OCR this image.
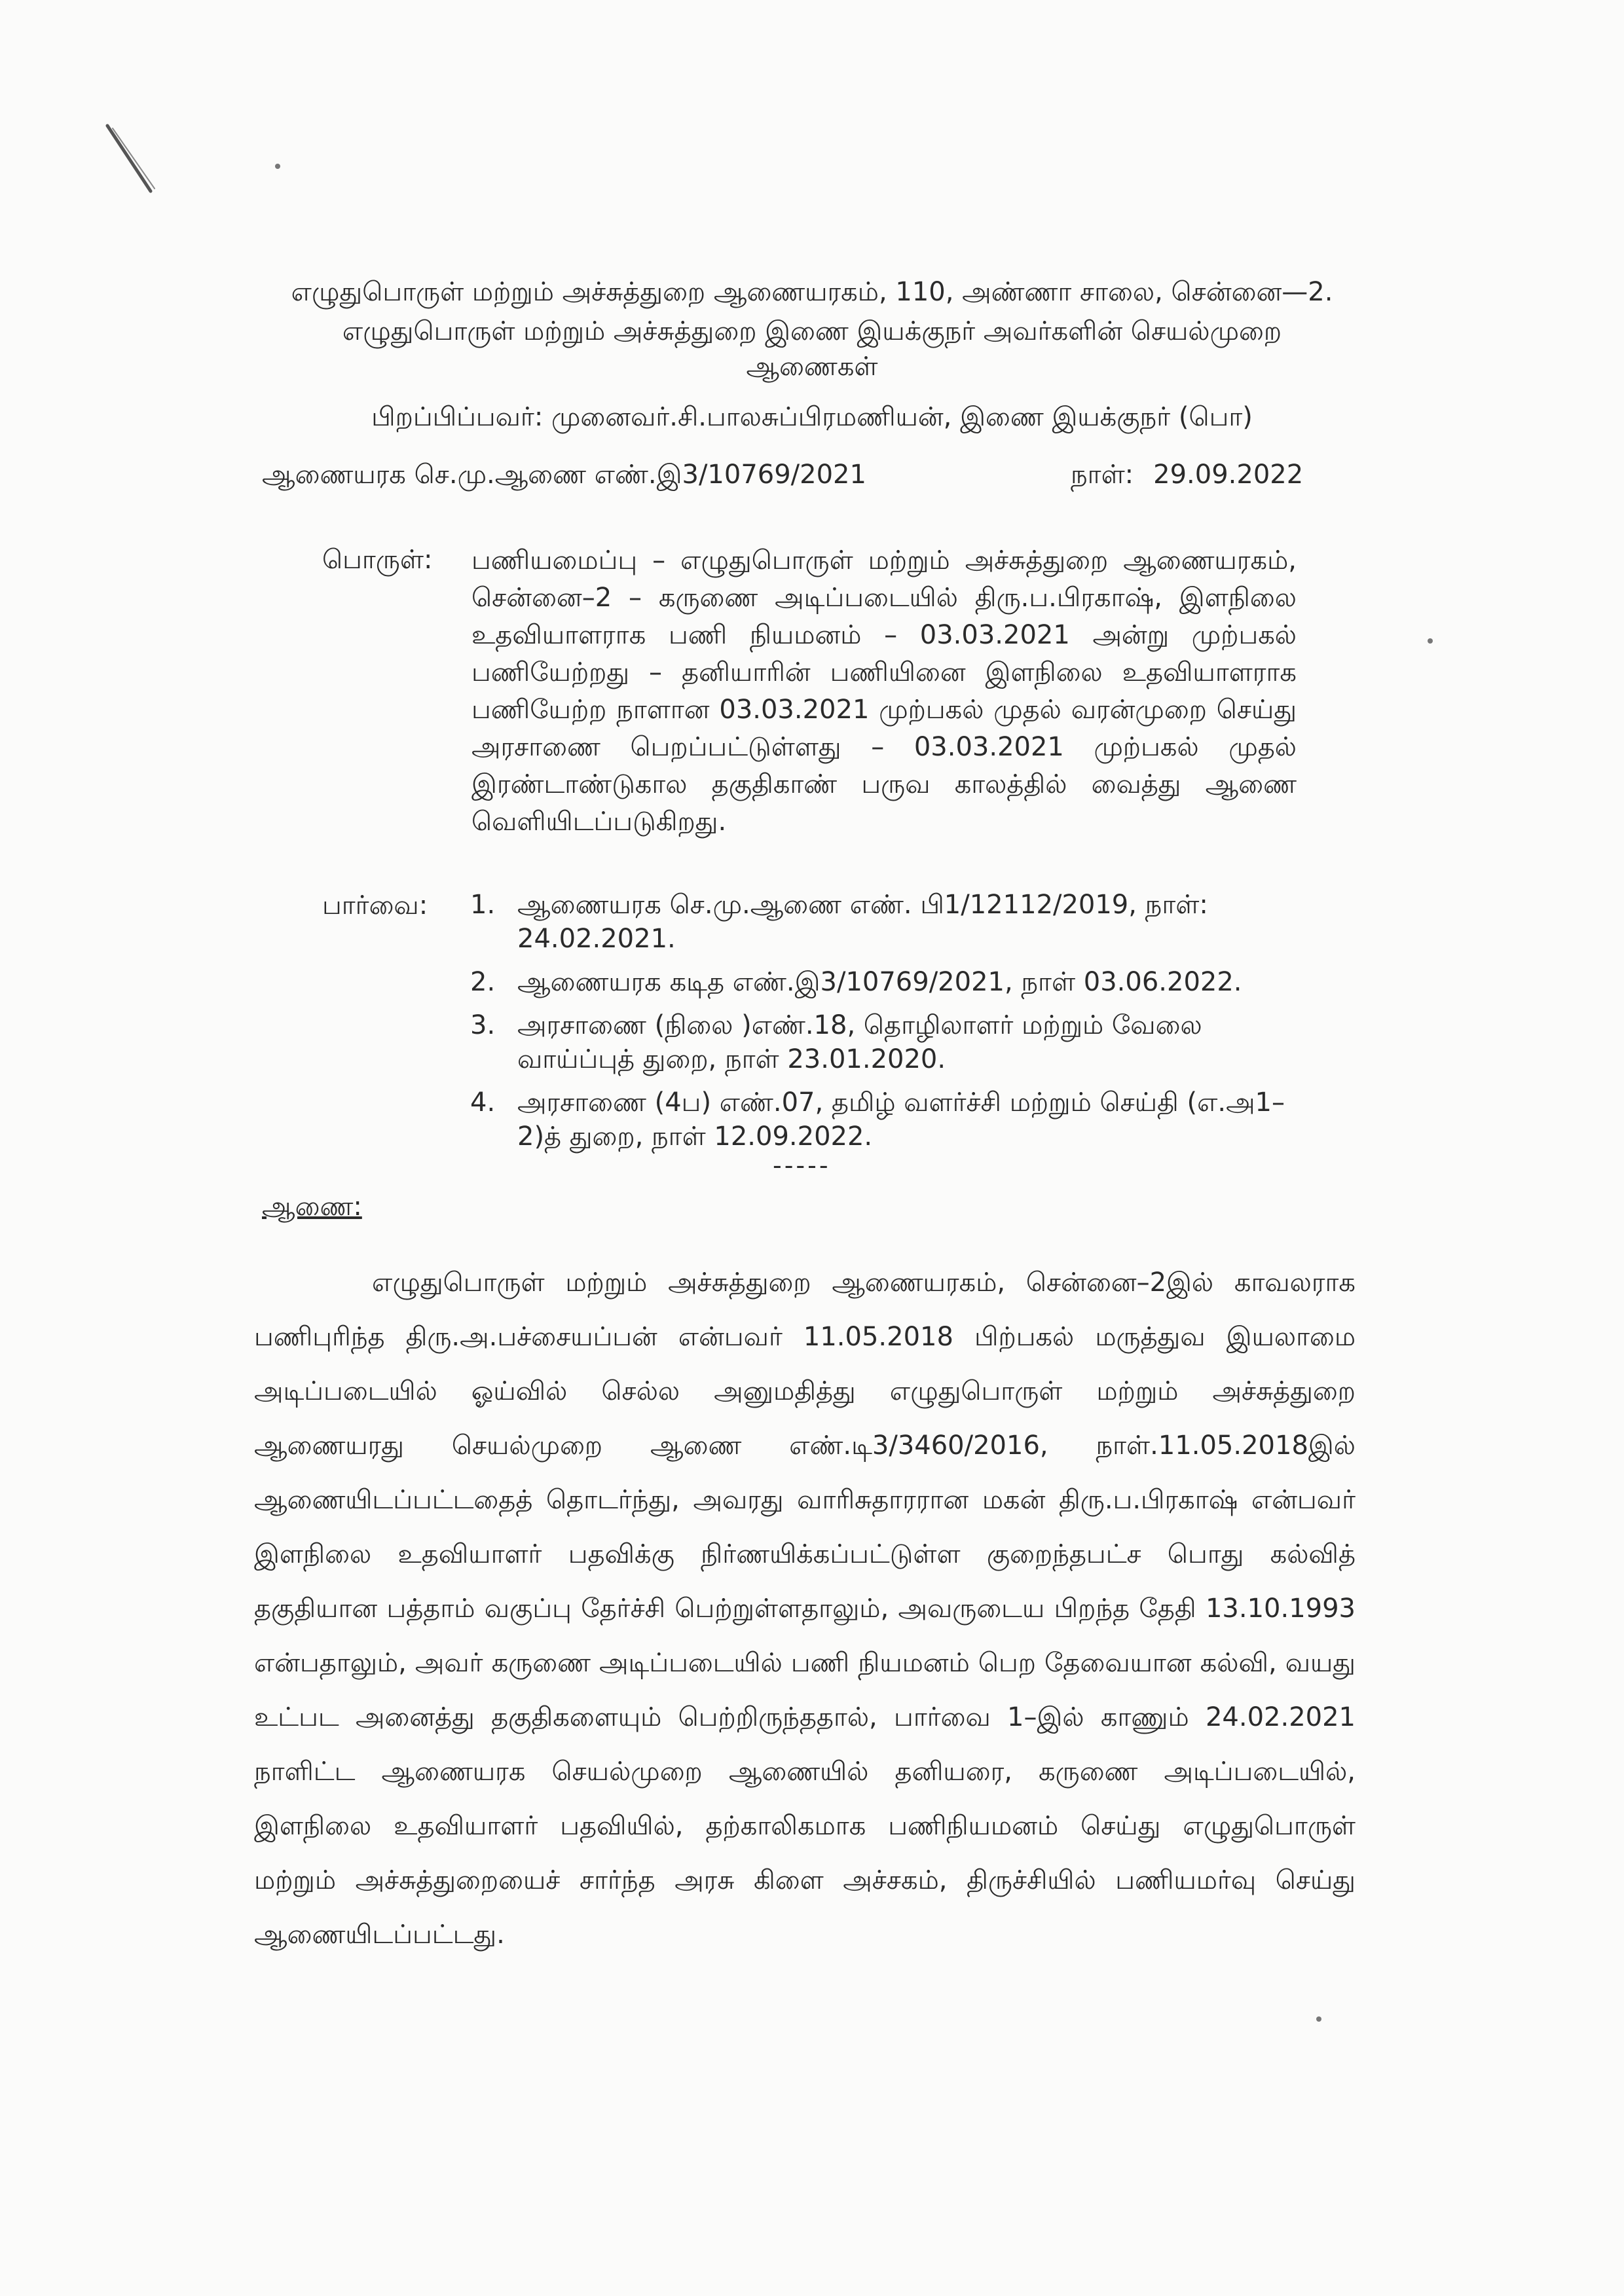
எழுதுபொருள் மற்றும் அச்சுத்துறை ஆணையரகம், 110, அண்ணா சாலை, சென்னை—2.
எழுதுபொருள் மற்றும் அச்சுத்துறை இணை இயக்குநர் அவர்களின் செயல்முறை
ஆணைகள்
பிறப்பிப்பவர்: முனைவர்.சி.பாலசுப்பிரமணியன், இணை இயக்குநர் (பொ)
ஆணையரக செ.மு.ஆணை எண்.இ3/10769/2021	நாள்: 29.09.2022
பொருள்: பணியமைப்பு – எழுதுபொருள் மற்றும் அச்சுத்துறை ஆணையரகம், சென்னை–2 – கருணை அடிப்படையில் திரு.ப.பிரகாஷ், இளநிலை உதவியாளராக பணி நியமனம் – 03.03.2021 அன்று முற்பகல் பணியேற்றது – தனியாரின் பணியினை இளநிலை உதவியாளராக பணியேற்ற நாளான 03.03.2021 முற்பகல் முதல் வரன்முறை செய்து அரசாணை பெறப்பட்டுள்ளது – 03.03.2021 முற்பகல் முதல் இரண்டாண்டுகால தகுதிகாண் பருவ காலத்தில் வைத்து ஆணை வெளியிடப்படுகிறது.
பார்வை: 1. ஆணையரக செ.மு.ஆணை எண். பி1/12112/2019, நாள்: 24.02.2021.
2. ஆணையரக கடித எண்.இ3/10769/2021, நாள் 03.06.2022.
3. அரசாணை (நிலை )எண்.18, தொழிலாளர் மற்றும் வேலை வாய்ப்புத் துறை, நாள் 23.01.2020.
4. அரசாணை (4ப) எண்.07, தமிழ் வளர்ச்சி மற்றும் செய்தி (எ.அ1–2)த் துறை, நாள் 12.09.2022.
-----
ஆணை:

எழுதுபொருள் மற்றும் அச்சுத்துறை ஆணையரகம், சென்னை–2இல் காவலராக பணிபுரிந்த திரு.அ.பச்சையப்பன் என்பவர் 11.05.2018 பிற்பகல் மருத்துவ இயலாமை அடிப்படையில் ஓய்வில் செல்ல அனுமதித்து எழுதுபொருள் மற்றும் அச்சுத்துறை ஆணையரது செயல்முறை ஆணை எண்.டி3/3460/2016, நாள்.11.05.2018இல் ஆணையிடப்பட்டதைத் தொடர்ந்து, அவரது வாரிசுதாரரான மகன் திரு.ப.பிரகாஷ் என்பவர் இளநிலை உதவியாளர் பதவிக்கு நிர்ணயிக்கப்பட்டுள்ள குறைந்தபட்ச பொது கல்வித் தகுதியான பத்தாம் வகுப்பு தேர்ச்சி பெற்றுள்ளதாலும், அவருடைய பிறந்த தேதி 13.10.1993 என்பதாலும், அவர் கருணை அடிப்படையில் பணி நியமனம் பெற தேவையான கல்வி, வயது உட்பட அனைத்து தகுதிகளையும் பெற்றிருந்ததால், பார்வை 1–இல் காணும் 24.02.2021 நாளிட்ட ஆணையரக செயல்முறை ஆணையில் தனியரை, கருணை அடிப்படையில், இளநிலை உதவியாளர் பதவியில், தற்காலிகமாக பணிநியமனம் செய்து எழுதுபொருள் மற்றும் அச்சுத்துறையைச் சார்ந்த அரசு கிளை அச்சகம், திருச்சியில் பணியமர்வு செய்து ஆணையிடப்பட்டது.
